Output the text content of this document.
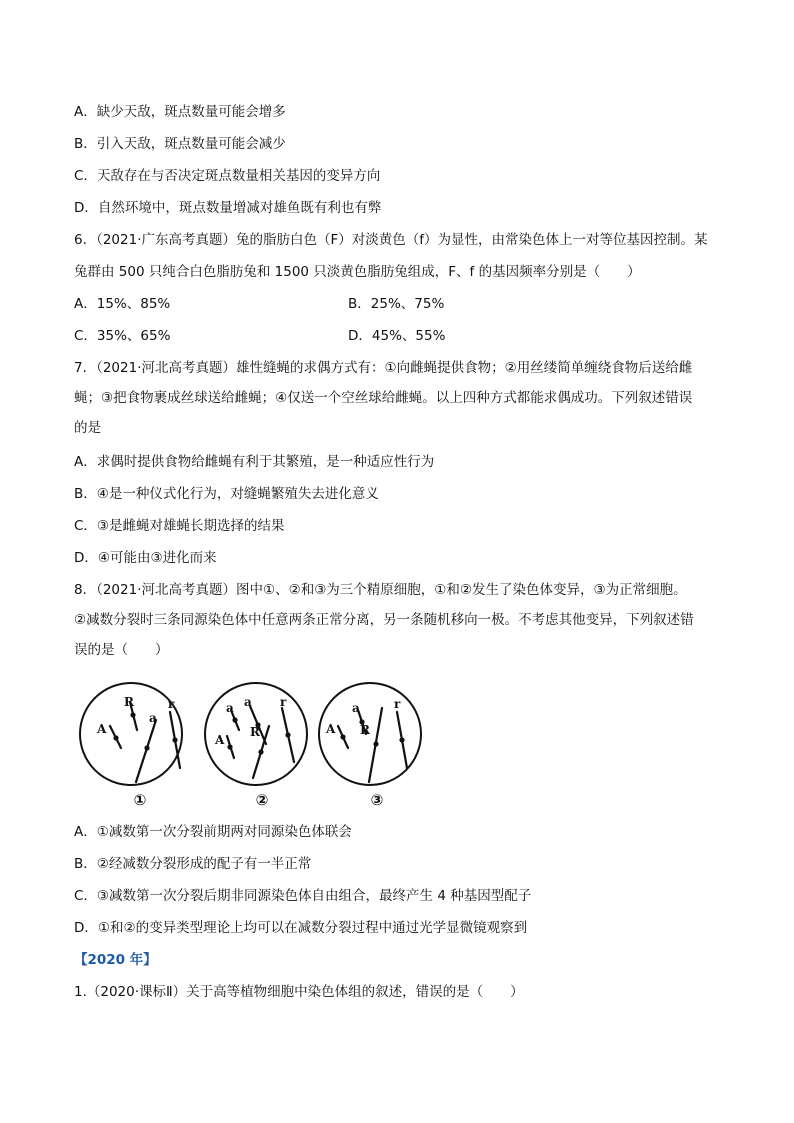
A．缺少天敌，斑点数量可能会增多
B．引入天敌，斑点数量可能会减少
C．天敌存在与否决定斑点数量相关基因的变异方向
D．自然环境中，斑点数量增减对雄鱼既有利也有弊
6．（2021·广东高考真题）兔的脂肪白色（F）对淡黄色（f）为显性，由常染色体上一对等位基因控制。某
兔群由 500 只纯合白色脂肪兔和 1500 只淡黄色脂肪兔组成，F、f 的基因频率分别是（　　）
A．15%、85%	B．25%、75%
C．35%、65%	D．45%、55%
7．（2021·河北高考真题）雄性缝蝇的求偶方式有：①向雌蝇提供食物；②用丝缕简单缠绕食物后送给雌
蝇；③把食物裹成丝球送给雌蝇；④仅送一个空丝球给雌蝇。以上四种方式都能求偶成功。下列叙述错误
的是
A．求偶时提供食物给雌蝇有利于其繁殖，是一种适应性行为
B．④是一种仪式化行为，对缝蝇繁殖失去进化意义
C．③是雌蝇对雄蝇长期选择的结果
D．④可能由③进化而来
8．（2021·河北高考真题）图中①、②和③为三个精原细胞，①和②发生了染色体变异，③为正常细胞。
②减数分裂时三条同源染色体中任意两条正常分离，另一条随机移向一极。不考虑其他变异，下列叙述错
误的是（　　）
A
R
a
r	a
A
a
R
r
A
a
R
r
①	②	③
A．①减数第一次分裂前期两对同源染色体联会
B．②经减数分裂形成的配子有一半正常
C．③减数第一次分裂后期非同源染色体自由组合，最终产生 4 种基因型配子
D．①和②的变异类型理论上均可以在减数分裂过程中通过光学显微镜观察到
【2020 年】
1.（2020·课标Ⅱ）关于高等植物细胞中染色体组的叙述，错误的是（　　）
